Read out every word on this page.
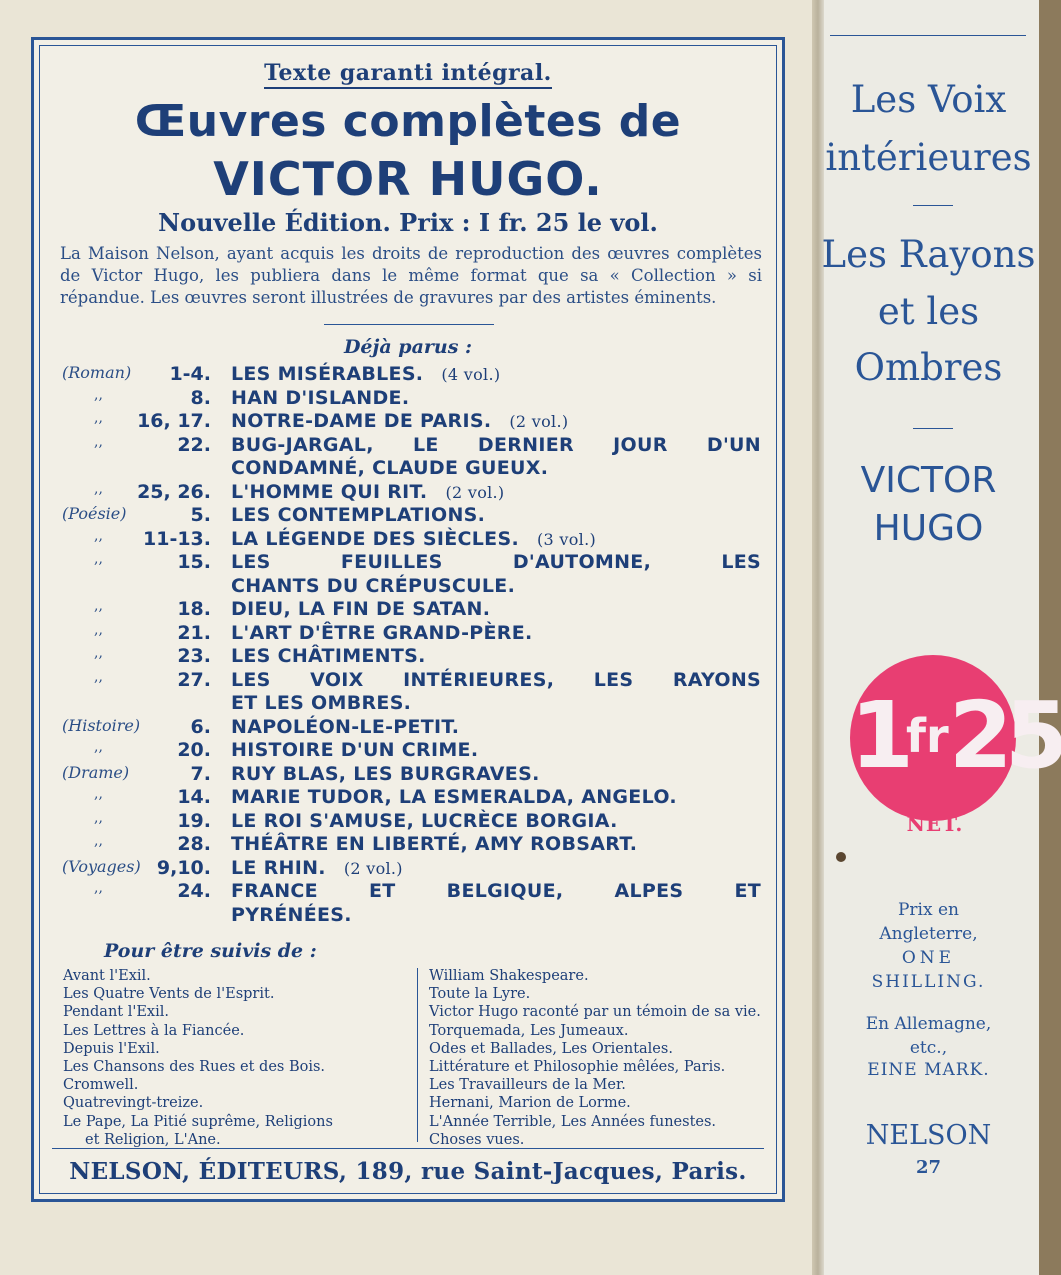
Texte garanti intégral.
Œuvres complètes de
VICTOR HUGO.
Nouvelle Édition. Prix : I fr. 25 le vol.
La Maison Nelson, ayant acquis les droits de reproduction des œuvres complètes de Victor Hugo, les publiera dans le même format que sa « Collection » si répandue. Les œuvres seront illustrées de gravures par des artistes éminents.
Déjà parus :
(Roman)	1-4. LES MISÉRABLES. (4 vol.)
,,	8. HAN D'ISLANDE.
,,	16, 17. NOTRE-DAME DE PARIS. (2 vol.)
,,	22. BUG-JARGAL, LE DERNIER JOUR D'UN
CONDAMNÉ, CLAUDE GUEUX.
,,	25, 26. L'HOMME QUI RIT. (2 vol.)
(Poésie)	5. LES CONTEMPLATIONS.
,,	11-13. LA LÉGENDE DES SIÈCLES. (3 vol.)
,,	15. LES FEUILLES D'AUTOMNE, LES
CHANTS DU CRÉPUSCULE.
,,	18. DIEU, LA FIN DE SATAN.
,,	21. L'ART D'ÊTRE GRAND-PÈRE.
,,	23. LES CHÂTIMENTS.
,,	27. LES VOIX INTÉRIEURES, LES RAYONS
ET LES OMBRES.
(Histoire)	6. NAPOLÉON-LE-PETIT.
,,	20. HISTOIRE D'UN CRIME.
(Drame)	7. RUY BLAS, LES BURGRAVES.
,,	14. MARIE TUDOR, LA ESMERALDA, ANGELO.
,,	19. LE ROI S'AMUSE, LUCRÈCE BORGIA.
,,	28. THÉÂTRE EN LIBERTÉ, AMY ROBSART.
(Voyages) 9,10. LE RHIN. (2 vol.)
,,	24. FRANCE ET BELGIQUE, ALPES ET
PYRÉNÉES.
Pour être suivis de :
Avant l'Exil.
Les Quatre Vents de l'Esprit.
Pendant l'Exil.
Les Lettres à la Fiancée.
Depuis l'Exil.
Les Chansons des Rues et des Bois.
Cromwell.
Quatrevingt-treize.
Le Pape, La Pitié suprême, Religions
et Religion, L'Ane.
William Shakespeare.
Toute la Lyre.
Victor Hugo raconté par un témoin de sa vie.
Torquemada, Les Jumeaux.
Odes et Ballades, Les Orientales.
Littérature et Philosophie mêlées, Paris.
Les Travailleurs de la Mer.
Hernani, Marion de Lorme.
L'Année Terrible, Les Années funestes.
Choses vues.
NELSON, ÉDITEURS, 189, rue Saint-Jacques, Paris.
Les Voix
intérieures
Les Rayons
et les
Ombres
VICTOR
HUGO
$1^{fr}25$
NET.
Prix en
Angleterre,
ONE
SHILLING.
En Allemagne,
etc.,
EINE MARK.
NELSON
27
